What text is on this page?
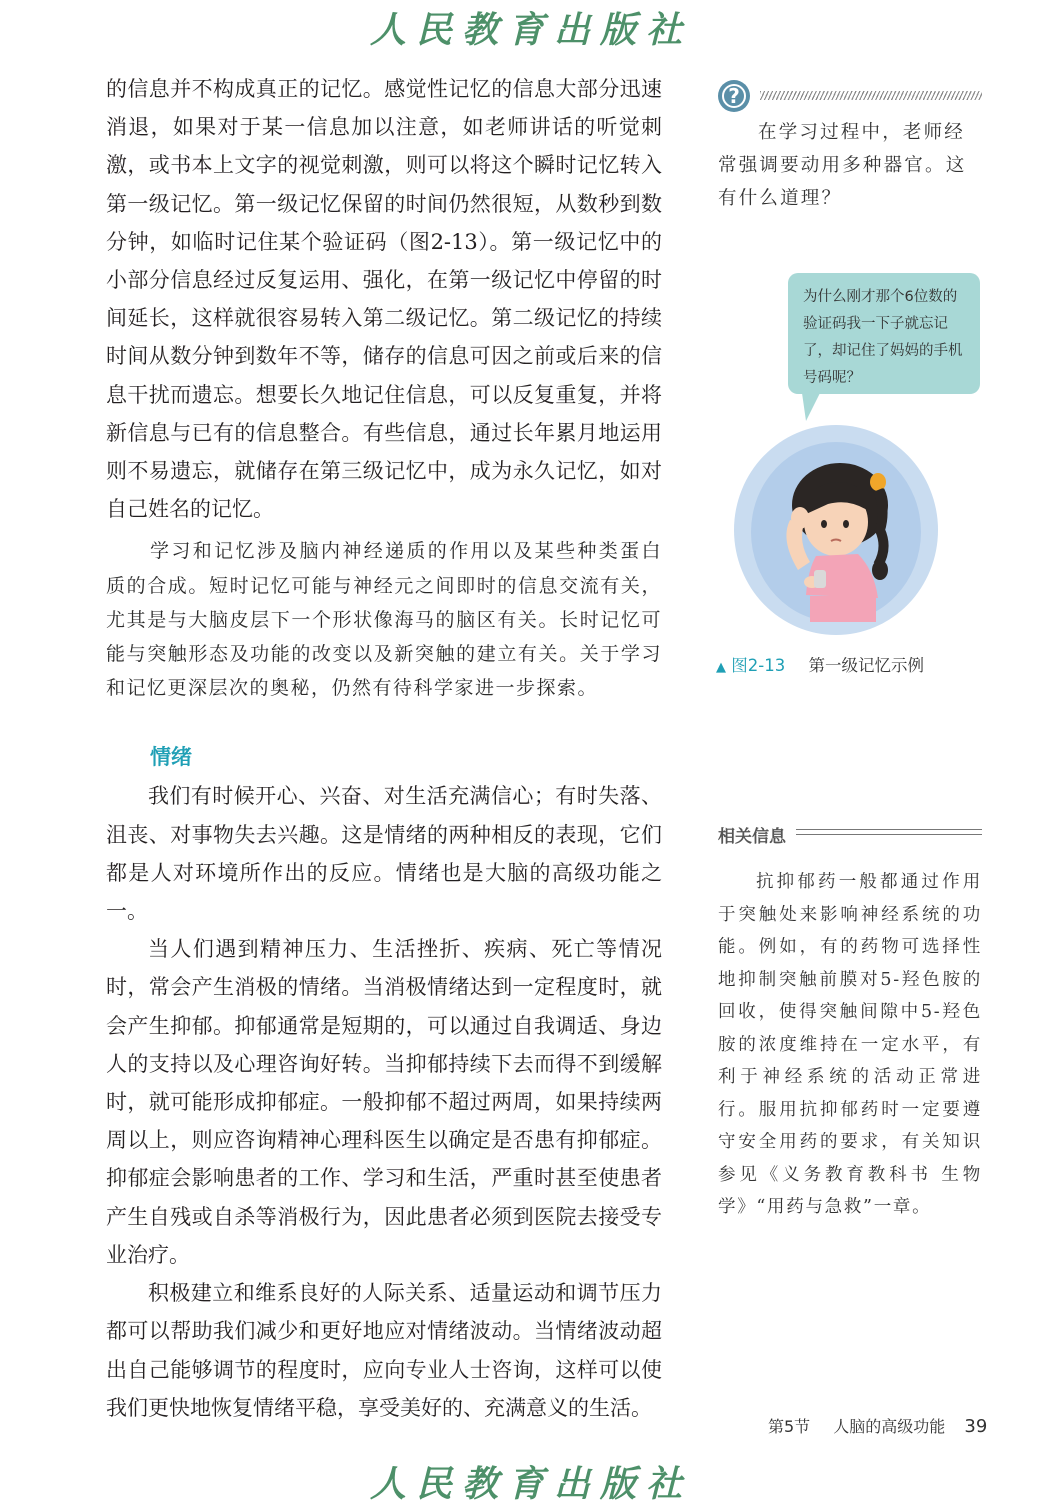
人民教育出版社

的信息并不构成真正的记忆。感觉性记忆的信息大部分迅速消退，如果对于某一信息加以注意，如老师讲话的听觉刺激，或书本上文字的视觉刺激，则可以将这个瞬时记忆转入第一级记忆。第一级记忆保留的时间仍然很短，从数秒到数分钟，如临时记住某个验证码（图2-13）。第一级记忆中的小部分信息经过反复运用、强化，在第一级记忆中停留的时间延长，这样就很容易转入第二级记忆。第二级记忆的持续时间从数分钟到数年不等，储存的信息可因之前或后来的信息干扰而遗忘。想要长久地记住信息，可以反复重复，并将新信息与已有的信息整合。有些信息，通过长年累月地运用则不易遗忘，就储存在第三级记忆中，成为永久记忆，如对自己姓名的记忆。

学习和记忆涉及脑内神经递质的作用以及某些种类蛋白质的合成。短时记忆可能与神经元之间即时的信息交流有关，尤其是与大脑皮层下一个形状像海马的脑区有关。长时记忆可能与突触形态及功能的改变以及新突触的建立有关。关于学习和记忆更深层次的奥秘，仍然有待科学家进一步探索。

情绪

我们有时候开心、兴奋、对生活充满信心；有时失落、沮丧、对事物失去兴趣。这是情绪的两种相反的表现，它们都是人对环境所作出的反应。情绪也是大脑的高级功能之一。

当人们遇到精神压力、生活挫折、疾病、死亡等情况时，常会产生消极的情绪。当消极情绪达到一定程度时，就会产生抑郁。抑郁通常是短期的，可以通过自我调适、身边人的支持以及心理咨询好转。当抑郁持续下去而得不到缓解时，就可能形成抑郁症。一般抑郁不超过两周，如果持续两周以上，则应咨询精神心理科医生以确定是否患有抑郁症。抑郁症会影响患者的工作、学习和生活，严重时甚至使患者产生自残或自杀等消极行为，因此患者必须到医院去接受专业治疗。

积极建立和维系良好的人际关系、适量运动和调节压力都可以帮助我们减少和更好地应对情绪波动。当情绪波动超出自己能够调节的程度时，应向专业人士咨询，这样可以使我们更快地恢复情绪平稳，享受美好的、充满意义的生活。

?

在学习过程中，老师经常强调要动用多种器官。这有什么道理？

为什么刚才那个6位数的验证码我一下子就忘记了，却记住了妈妈的手机号码呢？
▲ 图2-13 第一级记忆示例
相关信息

抗抑郁药一般都通过作用于突触处来影响神经系统的功能。例如，有的药物可选择性地抑制突触前膜对5-羟色胺的回收，使得突触间隙中5-羟色胺的浓度维持在一定水平，有利于神经系统的活动正常进行。服用抗抑郁药时一定要遵守安全用药的要求，有关知识参见《义务教育教科书 生物学》“用药与急救”一章。

第5节 人脑的高级功能 39
人民教育出版社
